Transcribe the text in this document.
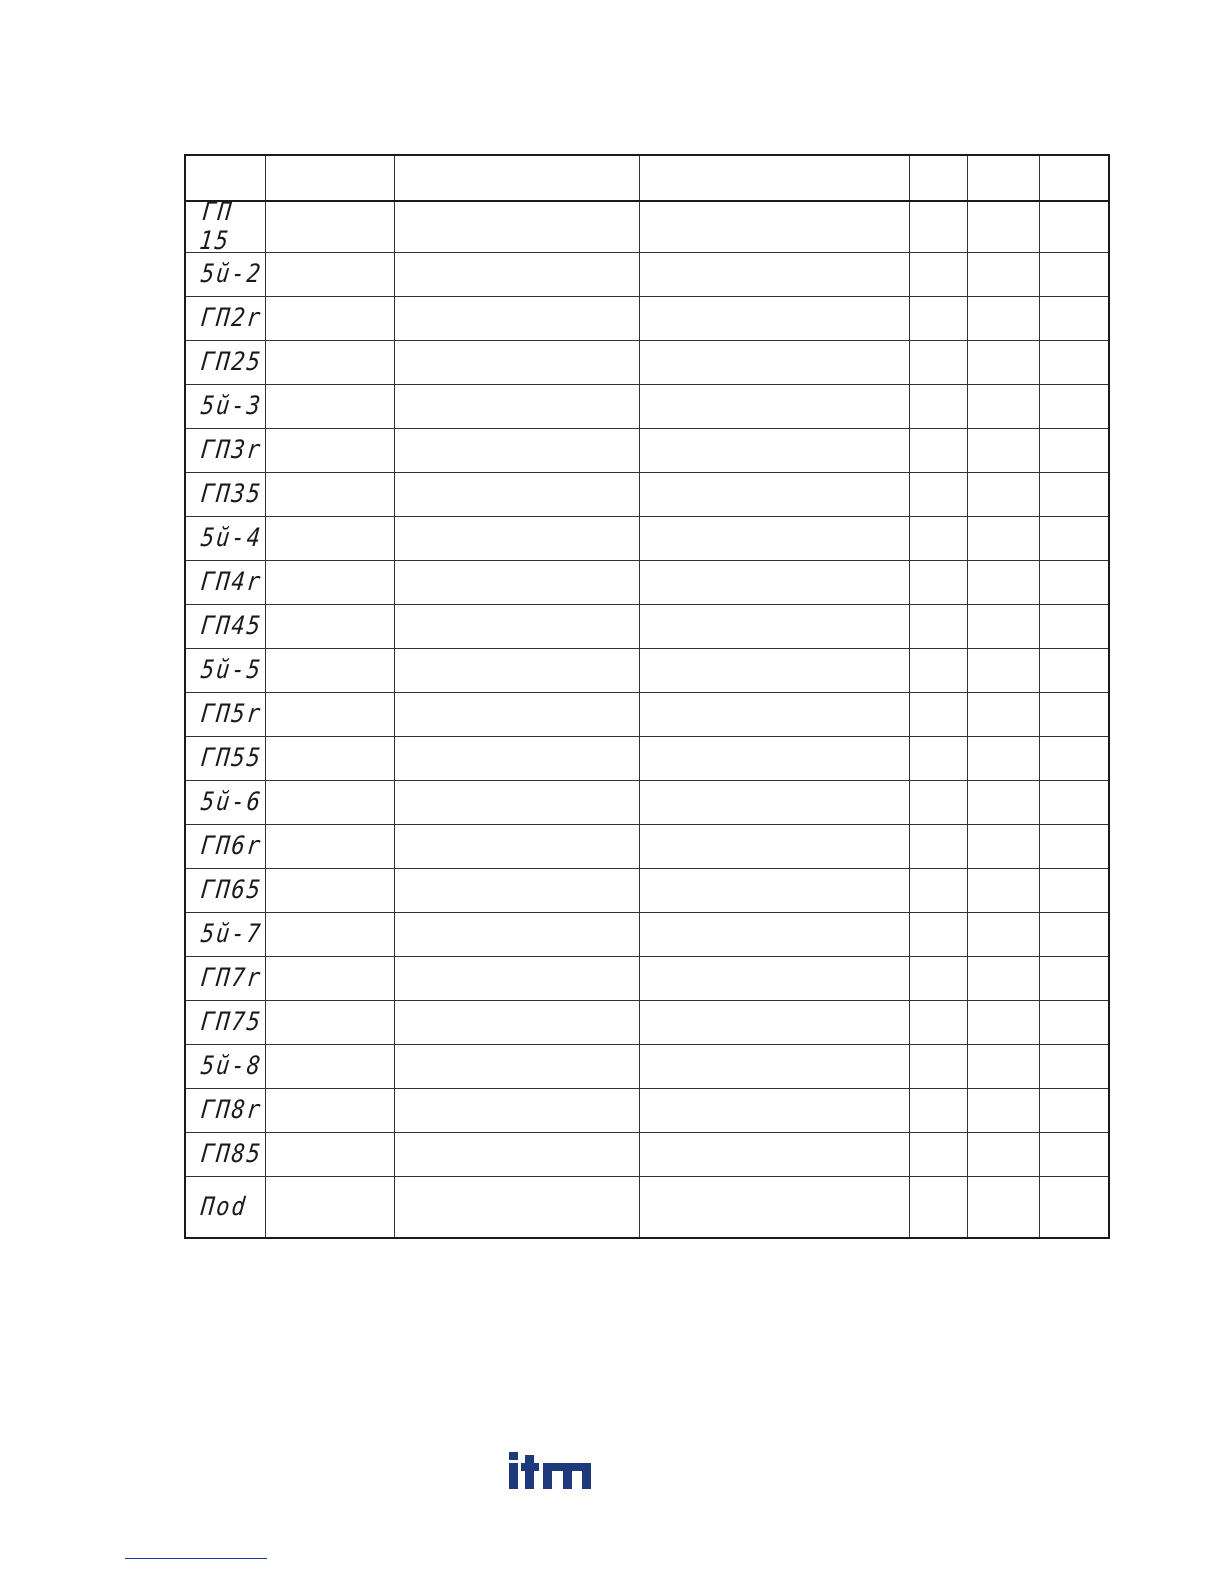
ΓΠ 15						
5ŭ-2						
ΓΠ2r						
ΓΠ25						
5ŭ-3						
ΓΠ3r						
ΓΠ35						
5ŭ-4						
ΓΠ4r						
ΓΠ45						
5ŭ-5						
ΓΠ5r						
ΓΠ55						
5ŭ-6						
ΓΠ6r						
ΓΠ65						
5ŭ-7						
ΓΠ7r						
ΓΠ75						
5ŭ-8						
ΓΠ8r						
ΓΠ85						
Πod						
